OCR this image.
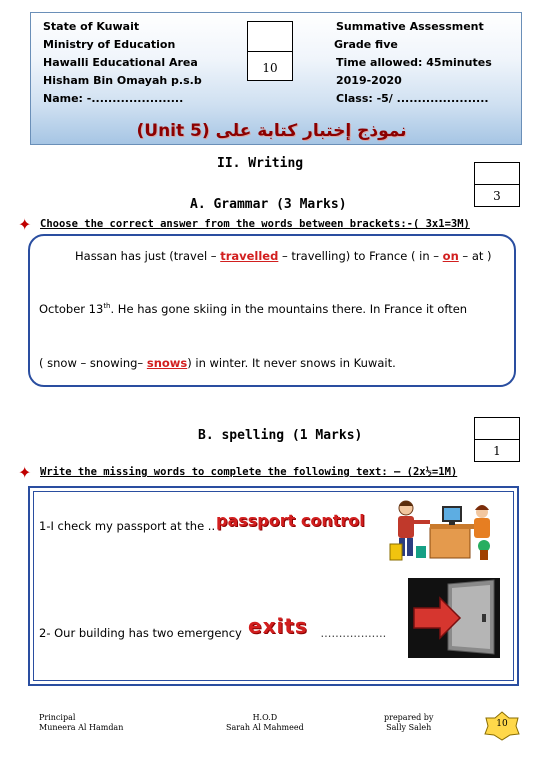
State of Kuwait
Ministry of Education
Hawalli Educational Area
Hisham Bin Omayah p.s.b
Name: -......................
Summative Assessment
Grade five
Time allowed: 45minutes
2019-2020
Class: -5/ ......................
10
نموذج إختبار كتابة على (Unit 5)
II. Writing
3
A. Grammar (3 Marks)
✦ Choose the correct answer from the words between brackets:-( 3x1=3M)
Hassan has just (travel – travelled – travelling) to France ( in – on – at )
October 13th. He has gone skiing in the mountains there. In France it often
( snow – snowing– snows) in winter. It never snows in Kuwait.
1
B. spelling (1 Marks)
✦ Write the missing words to complete the following text: – (2x½=1M)
1-I check my passport at the .. passport control
2- Our building has two emergency	..................
exits
Principal
Muneera Al Hamdan
H.O.D
Sarah Al Mahmeed
prepared by
Sally Saleh	10
